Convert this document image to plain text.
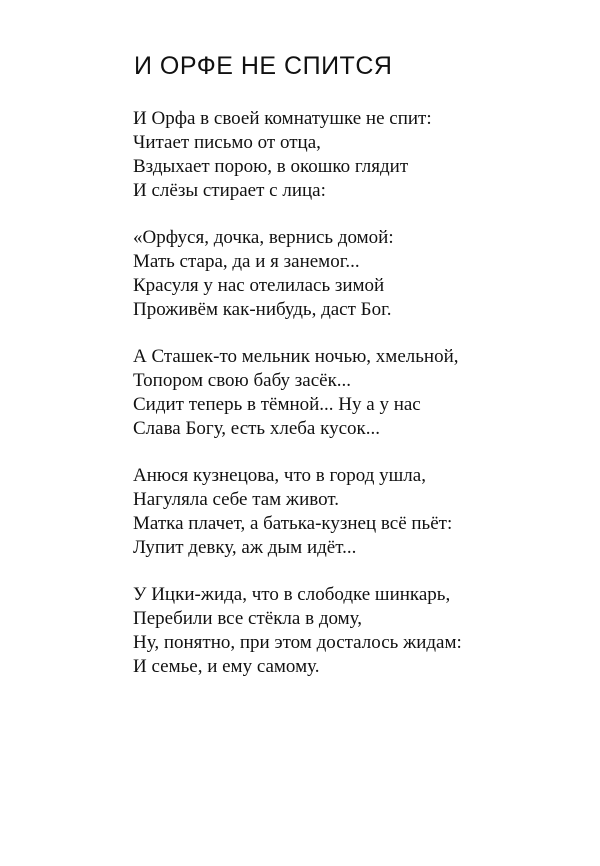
И ОРФЕ НЕ СПИТСЯ
И Орфа в своей комнатушке не спит:
Читает письмо от отца,
Вздыхает порою, в окошко глядит
И слёзы стирает с лица:
«Орфуся, дочка, вернись домой:
Мать стара, да и я занемог...
Красуля у нас отелилась зимой
Проживём как-нибудь, даст Бог.
А Сташек-то мельник ночью, хмельной,
Топором свою бабу засёк...
Сидит теперь в тёмной... Ну а у нас
Слава Богу, есть хлеба кусок...
Анюся кузнецова, что в город ушла,
Нагуляла себе там живот.
Матка плачет, а батька-кузнец всё пьёт:
Лупит девку, аж дым идёт...
У Ицки-жида, что в слободке шинкарь,
Перебили все стёкла в дому,
Ну, понятно, при этом досталось жидам:
И семье, и ему самому.
